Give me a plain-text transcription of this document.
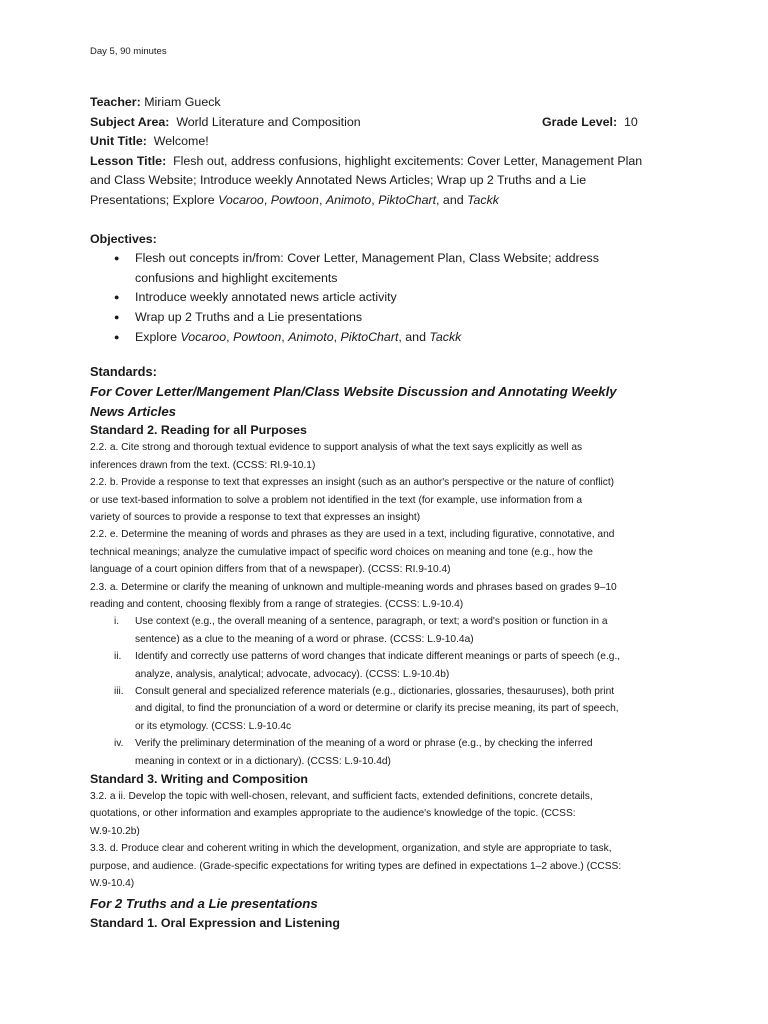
Day 5, 90 minutes
Teacher: Miriam Gueck
Subject Area: World Literature and Composition	Grade Level: 10
Unit Title: Welcome!
Lesson Title: Flesh out, address confusions, highlight excitements: Cover Letter, Management Plan
and Class Website; Introduce weekly Annotated News Articles; Wrap up 2 Truths and a Lie
Presentations; Explore Vocaroo, Powtoon, Animoto, PiktoChart, and Tackk
Objectives:
● Flesh out concepts in/from: Cover Letter, Management Plan, Class Website; address
confusions and highlight excitements
● Introduce weekly annotated news article activity
● Wrap up 2 Truths and a Lie presentations
● Explore Vocaroo, Powtoon, Animoto, PiktoChart, and Tackk
Standards:
For Cover Letter/Mangement Plan/Class Website Discussion and Annotating Weekly
News Articles
Standard 2. Reading for all Purposes
2.2. a. Cite strong and thorough textual evidence to support analysis of what the text says explicitly as well as
inferences drawn from the text. (CCSS: RI.9-10.1)
2.2. b. Provide a response to text that expresses an insight (such as an author's perspective or the nature of conflict)
or use text-based information to solve a problem not identified in the text (for example, use information from a
variety of sources to provide a response to text that expresses an insight)
2.2. e. Determine the meaning of words and phrases as they are used in a text, including figurative, connotative, and
technical meanings; analyze the cumulative impact of specific word choices on meaning and tone (e.g., how the
language of a court opinion differs from that of a newspaper). (CCSS: RI.9-10.4)
2.3. a. Determine or clarify the meaning of unknown and multiple-meaning words and phrases based on grades 9–10
reading and content, choosing flexibly from a range of strategies. (CCSS: L.9-10.4)
i. Use context (e.g., the overall meaning of a sentence, paragraph, or text; a word's position or function in a
sentence) as a clue to the meaning of a word or phrase. (CCSS: L.9-10.4a)
ii. Identify and correctly use patterns of word changes that indicate different meanings or parts of speech (e.g.,
analyze, analysis, analytical; advocate, advocacy). (CCSS: L.9-10.4b)
iii. Consult general and specialized reference materials (e.g., dictionaries, glossaries, thesauruses), both print
and digital, to find the pronunciation of a word or determine or clarify its precise meaning, its part of speech,
or its etymology. (CCSS: L.9-10.4c
iv. Verify the preliminary determination of the meaning of a word or phrase (e.g., by checking the inferred
meaning in context or in a dictionary). (CCSS: L.9-10.4d)
Standard 3. Writing and Composition
3.2. a ii. Develop the topic with well-chosen, relevant, and sufficient facts, extended definitions, concrete details,
quotations, or other information and examples appropriate to the audience's knowledge of the topic. (CCSS:
W.9-10.2b)
3.3. d. Produce clear and coherent writing in which the development, organization, and style are appropriate to task,
purpose, and audience. (Grade-specific expectations for writing types are defined in expectations 1–2 above.) (CCSS:
W.9-10.4)
For 2 Truths and a Lie presentations
Standard 1. Oral Expression and Listening
